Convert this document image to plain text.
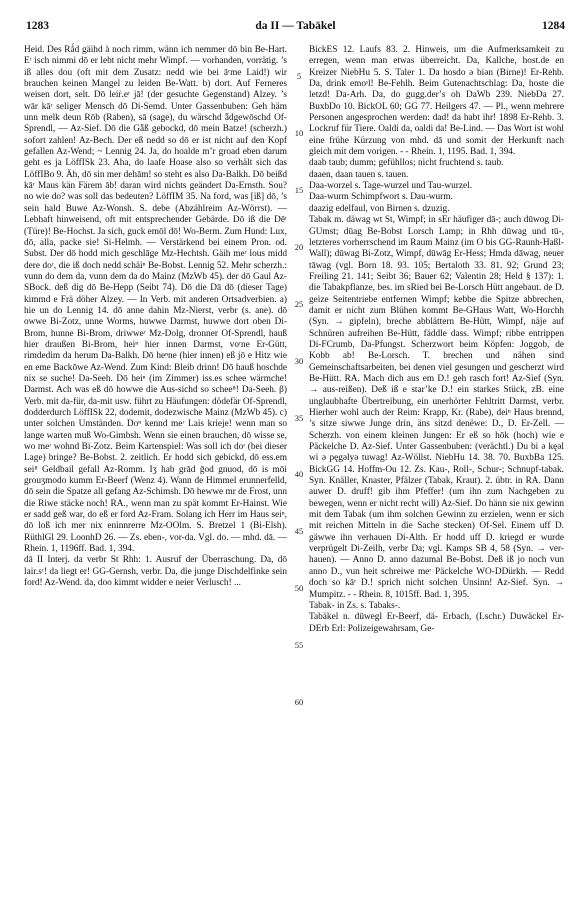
1283	da II — Tabäkel	1284

Heid. Des Rǻd gäihd à noch rimm, wänn ich nemmer dō bin Be-Hart. Eʳ isch nimmi dō er lebt nicht mehr Wimpf. — vorhanden, vorrätig. ’s iß alles dou (oft mit dem Zusatz: nedd wie bei āʳme Laid!) wir brauchen keinen Mangel zu leiden Be-Watt. b) dort. Auf Ferneres weisen dort, selt. Dō leiṙ.eʳ jā! (der gesuchte Gegenstand) Alzey. ’s wār kāʳ seliger Mensch dō Di-Semd. Unter Gassenbuben: Geh häm unn melk deun Rōb (Raben), sā (sage), du wärschd ǟdgewōschd Of-Sprendl, — Az-Sief. Dō die Gǟß gebockd, dō mein Batze! (scherzh.) sofort zahlen! Az-Bech. Der eß nedd so dō er ist nicht auf den Kopf gefallen Az-Wend; ~ Lennig 24. Ja, do hoalde m’r groad eben darum geht es ja LöffISk 23. Aha, do laafe Hoase also so verhält sich das LöffIBo 9. Äh, dō sin mer dehām! so steht es also Da-Balkh. Dō beißd kāʳ Maus kän Färem āb! daran wird nichts geändert Da-Ernsth. Sou? no wie do? was soll das bedeuten? LöffIM 35. Na ford, was [iß] dō, ’s sein hald Buwe Az-Wonsh. S. debe (Abzählreim Az-Wörrst). — Lebhaft hinweisend, oft mit entsprechender Gebärde. Dō iß die Dēʳ (Türe)! Be-Hochst. Ja sich, guck emōl dō! Wo-Berm. Zum Hund: Lux, dō, alla, packe sie! Si-Helmh. — Verstärkend bei einem Pron. od. Subst. Der dō hodd mich geschlāge Mz-Hechtsh. Gäih meʳ lous midd dere doʳ, die iß doch nedd schäiⁿ Be-Bobst. Lennig 52. Mehr scherzh.: vunn do dem da, vunn dem da do Mainz (MzWb 45). der dō Gaul Az-SBock. deß dig dō Be-Hepp (Seibt 74). Dō die Dā dō (dieser Tage) kimmd e Frä döher Alzey. — In Verb. mit anderen Ortsadverbien. a) hie un do Lennig 14. dō anne dahin Mz-Nierst, verbr (s. ane). dō owwe Bi-Zotz, unne Worms, huwwe Darmst, huwwe dort oben Di-Brom, hunne Bi-Brom, driwweʳ Mz-Dolg, dronner Of-Sprendl, hauß hier draußen Bi-Brom, heiⁿ hier innen Darmst, voʳne Er-Gütt, rimdedim da herum Da-Balkh. Dō heⁿne (hier innen) eß jō e Hitz wie en eme Backōwe Az-Wend. Zum Kind: Bleib drinn! Dō hauß hoschde nix se suche! Da-Seeh. Dō heiⁿ (im Zimmer) iss.es schee wärmche! Darmst. Ach was eß dō howwe die Aus-sichd so schee⁸! Da-Seeh. β) Verb. mit da-für, da-mit usw. führt zu Häufungen: dödefär Of-Sprendl, dodderdurch LöffISk 22, dodemit, dodezwische Mainz (MzWb 45). c) unter solchen Umständen. Doⁿ kennd meʳ Lais krieje! wenn man so lange warten muß Wo-Gimbsh. Wenn sie einen brauchen, dō wisse se, wo meʳ wohnd Bi-Zotz. Beim Kartenspiel: Was soll ich doʳ (bei dieser Lage) bringe? Be-Bobst. 2. zeitlich. Er hodd sich gebickd, dō ess.em sei⁸ Geldbail gefall Az-Romm. Iʒ hab grād ḡod gnuod, dō is mōi grouʒmodo kumm Er-Beerf (Wenz 4). Wann de Himmel erunnerfelld, dō sein die Spatze all gefang Az-Schimsh. Dō hewwe mr de Frost, unn die Riwe stäcke noch! RA., wenn man zu spät kommt Er-Hainst. Wie er sadd geß war, do eß er ford Az-Fram. Solang ich Herr im Haus seiⁿ, dō loß ich mer nix eninnrerre Mz-OOlm. S. Bretzel 1 (Bi-Elsh). RüthlGl 29. LoonhD 26. — Zs. eben-, vor-da. Vgl. do. — mhd. dā. — Rhein. 1, 1196ff. Bad. 1, 394.

dā II Interj. da verbr St Rhh: 1. Ausruf der Überraschung. Da, dō lair.sʳ! da liegt er! GG-Gernsh, verbr. Da, die junge Dischdelfinke sein ford! Az-Wend. da, doo kimmt widder e neier Verlusch! ...

5
10
15
20
25
30
35
40
45
50
55
60

BickES 12. Laufs 83. 2. Hinweis, um die Aufmerksamkeit zu erregen, wenn man etwas überreicht. Da, Kallche, host.de en Kreizer NiebHu 5. S. Taler 1. Da hosdo ə biən (Birne)! Er-Rehb. Da, drink emoˢl! Be-Fehlh. Beim Gutenachtschlag: Da, hoste die letzd! Da-Arh. Da, do gugg.derʼs oh DaWb 239. NiebDa 27. BuxbDo 10. BickOL 60; GG 77. Heilgers 47. — Pl., wenn mehrere Personen angesprochen werden: dad! da habt ihr! 1898 Er-Rehb. 3. Lockruf für Tiere. Oaldi da, oaldi da! Be-Lind. — Das Wort ist wohl eine frühe Kürzung von mhd. dā und somit der Herkunft nach gleich mit dem vorigen. - - Rhein. 1, 1195. Bad. 1, 394.

daab taub; dumm; gefühllos; nicht fruchtend s. taub.

daaen, daan tauen s. tauen.

Daa-worzel s. Tage-wurzel und Tau-wurzel.

Daa-wurm Schimpfwort s. Dau-wurm.

daazig edelfaul, von Birnen s. dzuzig.

Tabak m. däwag wt St, Wimpf; in sEr häufiger dā-; auch dūwog Di-GUmst; dūag Be-Bobst Lorsch Lamp; in Rhh dūwag und tū-, letzteres vorherrschend im Raum Mainz (im O bis GG-Raunh-Haßl-Wall); dūwag Bi-Zotz, Wimpf, dūwāg Er-Hess; Hmda dāwag, neuer tāwag (vgl. Born 18. 93. 105; Bertaloth 33. 81. 92; Grund 23; Freiling 21. 141; Seibt 36; Bauer 62; Valentin 28; Held § 137): 1. die Tabakpflanze, bes. im sRied bei Be-Lorsch Hütt angebaut. de D. geize Seitentriebe entfernen Wimpf; kebbe die Spitze abbrechen, damit er nicht zum Blühen kommt Be-GHaus Watt, Wo-Horchh (Syn. → gipfeln), breche abblättern Be-Hütt, Wimpf, näje auf Schnüren aufreihen Be-Hütt, fäddle dass. Wimpf; ribbe entrippen Di-FCrumb, Da-Pfungst. Scherzwort beim Köpfen: Joggob, de Kobb ab! Be-Lorsch. T. brechen und nähen sind Gemeinschaftsarbeiten, bei denen viel gesungen und gescherzt wird Be-Hütt. RA. Mach dich aus em D.! geh rasch fort! Az-Sief (Syn. → aus-reißen). Deß iß e starʼke D.! ein starkes Stück, zB. eine unglaubhafte Übertreibung, ein unerhörter Fehltritt Darmst, verbr. Hierher wohl auch der Reim: Krapp, Kr. (Rabe), deiⁿ Haus brennd, ’s sitze siwwe Junge drin, äns sitzd denëwe: D., D. Er-Zell. — Scherzh. von einem kleinen Jungen: Er eß so hōk (hoch) wie e Päckelche D. Az-Sief. Unter Gassenbuben: (verächtl.) Du bi ə kęǝl wi ə pęgǝlyə tuwag! Az-Wöllst. NiebHu 14. 38. 70. BuxbBa 125. BickGG 14. Hoffm-Ou 12. Zs. Kau-, Roll-, Schur-; Schnupf-tabak. Syn. Knäller, Knaster, Pfälzer (Tabak, Kraut). 2. übtr. in RA. Dann auwer D. druff! gib ihm Pfeffer! (um ihn zum Nachgeben zu bewegen, wenn er nicht recht will) Az-Sief. Do hänn sie nix gewinn mit dem Tabak (um ihm solchen Gewinn zu erzielen, wenn er sich mit reichen Mitteln in die Sache stecken) Of-Sel. Einem uff D. gäwwe ihn verhauen Di-Alth. Er hodd uff D. kriegd er wurde verprügelt Di-Zeilh, verbr Da; vgl. Kamps SB 4, 58 (Syn. → ver-hauen). — Anno D. anno dazumal Be-Bobst. Deß iß jo noch vun anno D., vun heit schreiwe meʳ Päckelche WO-DDürkh. — Redd doch so kāʳ D.! sprich nicht solchen Unsinn! Az-Sief. Syn. → Mumpitz. - - Rhein. 8, 1015ff. Bad. 1, 395.

Tabak- in Zs. s. Tabaks-.

Tabäkel n. dūwegl Er-Beerf, dä- Erbach, (Lschr.) Duwäckel Er-DErb Erl: Polizeigewahrsam, Ge-
